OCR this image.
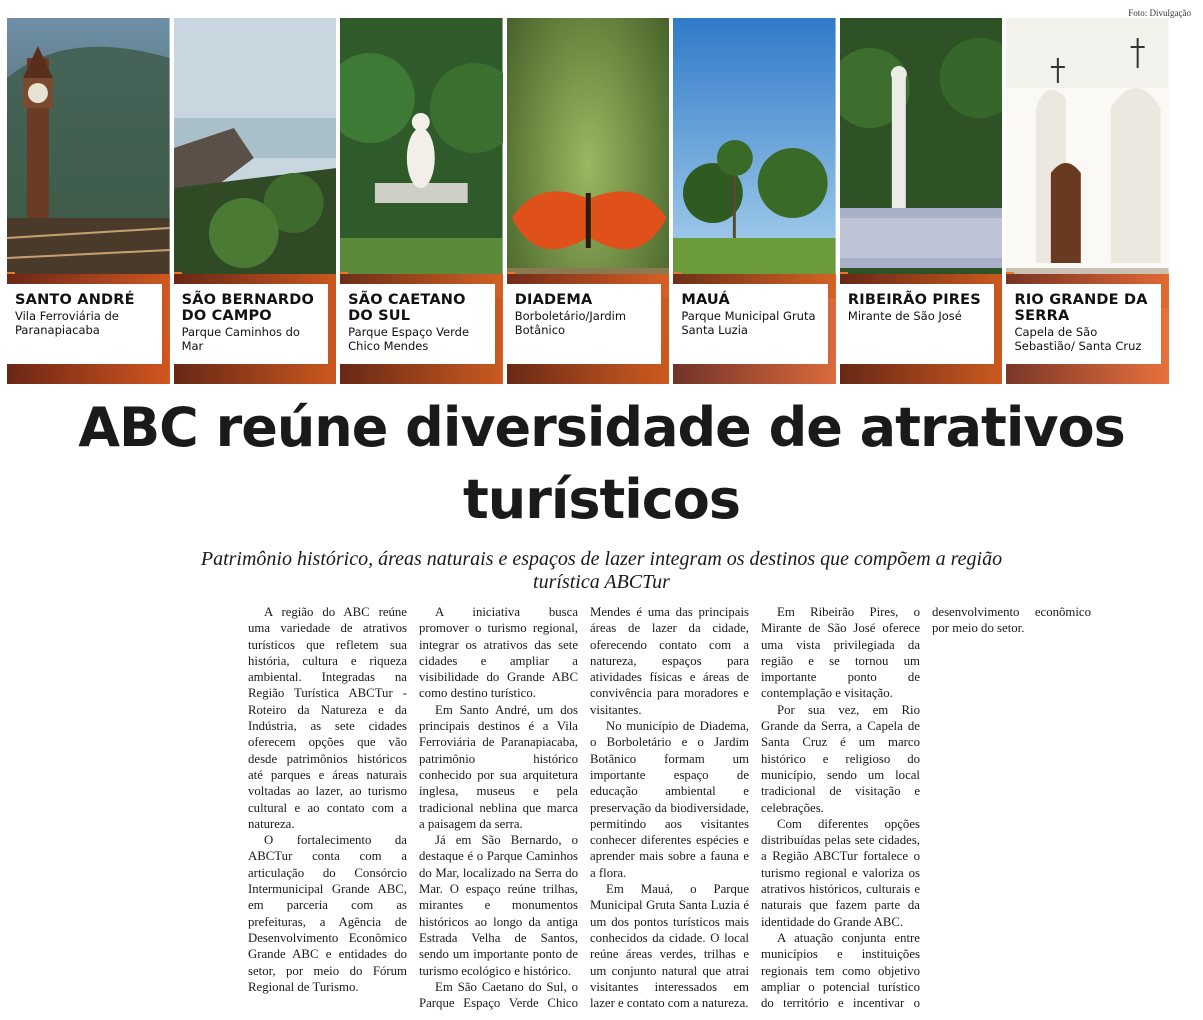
Foto: Divulgação
SANTO ANDRÉ
Vila Ferroviária de Paranapiacaba
SÃO BERNARDO DO CAMPO
Parque Caminhos do Mar
SÃO CAETANO DO SUL
Parque Espaço Verde Chico Mendes
DIADEMA
Borboletário/Jardim Botânico
MAUÁ
Parque Municipal Gruta Santa Luzia
RIBEIRÃO PIRES
Mirante de São José
RIO GRANDE DA SERRA
Capela de São Sebastião/ Santa Cruz
ABC reúne diversidade de atrativos turísticos
Patrimônio histórico, áreas naturais e espaços de lazer integram os destinos que compõem a região turística ABCTur

A região do ABC reúne uma variedade de atrativos turísticos que refletem sua história, cultura e riqueza ambiental. Integradas na Região Turística ABCTur - Roteiro da Natureza e da Indústria, as sete cidades oferecem opções que vão desde patrimônios históricos até parques e áreas naturais voltadas ao lazer, ao turismo cultural e ao contato com a natureza.

O fortalecimento da ABCTur conta com a articulação do Consórcio Intermunicipal Grande ABC, em parceria com as prefeituras, a Agência de Desenvolvimento Econômico Grande ABC e entidades do setor, por meio do Fórum Regional de Turismo.

A iniciativa busca promover o turismo regional, integrar os atrativos das sete cidades e ampliar a visibilidade do Grande ABC como destino turístico.

Em Santo André, um dos principais destinos é a Vila Ferroviária de Paranapiacaba, patrimônio histórico conhecido por sua arquitetura inglesa, museus e pela tradicional neblina que marca a paisagem da serra.

Já em São Bernardo, o destaque é o Parque Caminhos do Mar, localizado na Serra do Mar. O espaço reúne trilhas, mirantes e monumentos históricos ao longo da antiga Estrada Velha de Santos, sendo um importante ponto de turismo ecológico e histórico.

Em São Caetano do Sul, o Parque Espaço Verde Chico Mendes é uma das principais áreas de lazer da cidade, oferecendo contato com a natureza, espaços para atividades físicas e áreas de convivência para moradores e visitantes.

No município de Diadema, o Borboletário e o Jardim Botânico formam um importante espaço de educação ambiental e preservação da biodiversidade, permitindo aos visitantes conhecer diferentes espécies e aprender mais sobre a fauna e a flora.

Em Mauá, o Parque Municipal Gruta Santa Luzia é um dos pontos turísticos mais conhecidos da cidade. O local reúne áreas verdes, trilhas e um conjunto natural que atrai visitantes interessados em lazer e contato com a natureza.

Em Ribeirão Pires, o Mirante de São José oferece uma vista privilegiada da região e se tornou um importante ponto de contemplação e visitação.

Por sua vez, em Rio Grande da Serra, a Capela de Santa Cruz é um marco histórico e religioso do município, sendo um local tradicional de visitação e celebrações.

Com diferentes opções distribuídas pelas sete cidades, a Região ABCTur fortalece o turismo regional e valoriza os atrativos históricos, culturais e naturais que fazem parte da identidade do Grande ABC.

A atuação conjunta entre municípios e instituições regionais tem como objetivo ampliar o potencial turístico do território e incentivar o desenvolvimento econômico por meio do setor.
